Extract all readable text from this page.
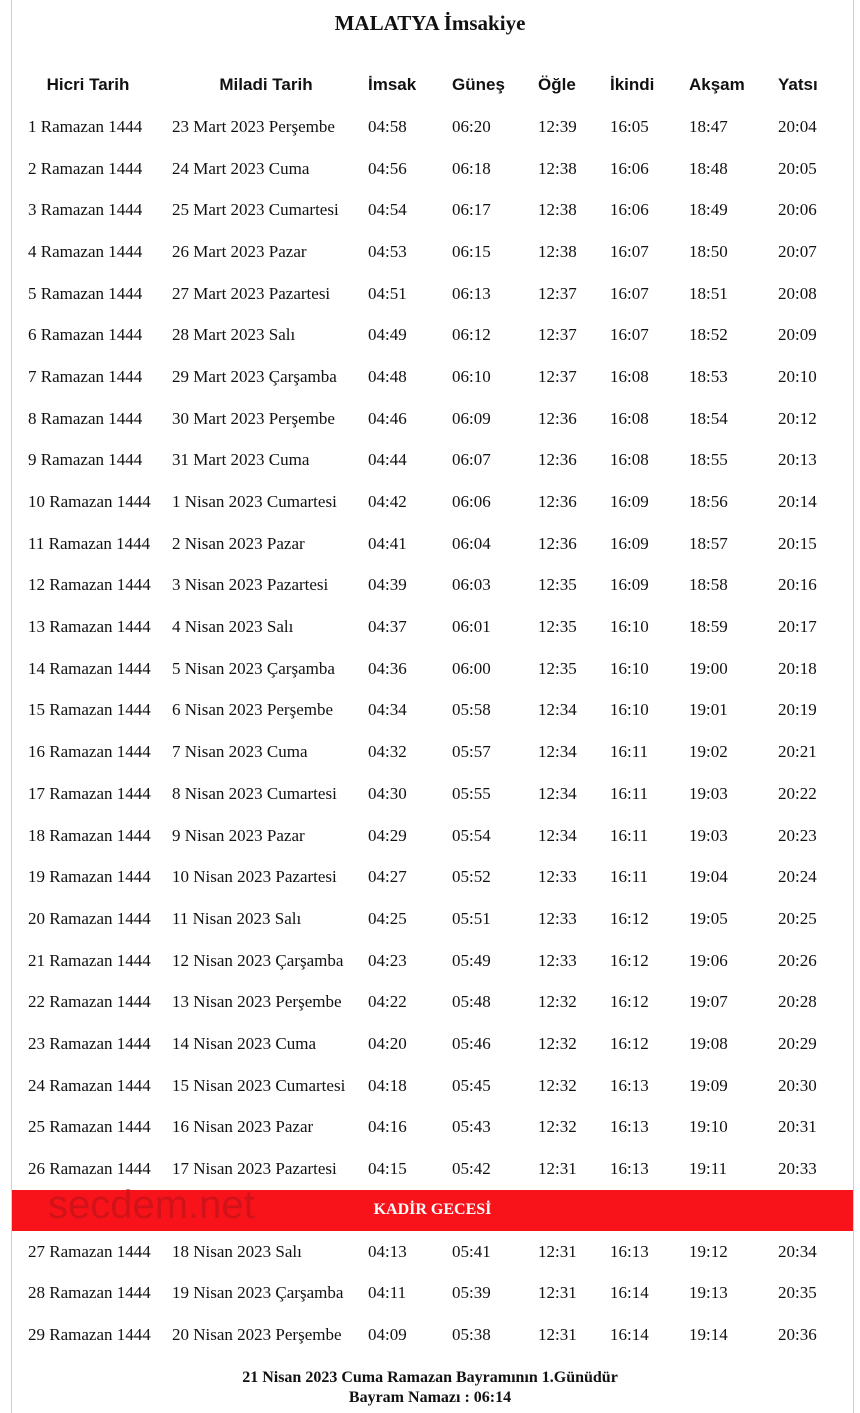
MALATYA İmsakiye
Hicri Tarih	Miladi Tarih	İmsak	Güneş	Öğle	İkindi	Akşam	Yatsı
1 Ramazan 1444	23 Mart 2023 Perşembe	04:58	06:20	12:39	16:05	18:47	20:04
2 Ramazan 1444	24 Mart 2023 Cuma	04:56	06:18	12:38	16:06	18:48	20:05
3 Ramazan 1444	25 Mart 2023 Cumartesi	04:54	06:17	12:38	16:06	18:49	20:06
4 Ramazan 1444	26 Mart 2023 Pazar	04:53	06:15	12:38	16:07	18:50	20:07
5 Ramazan 1444	27 Mart 2023 Pazartesi	04:51	06:13	12:37	16:07	18:51	20:08
6 Ramazan 1444	28 Mart 2023 Salı	04:49	06:12	12:37	16:07	18:52	20:09
7 Ramazan 1444	29 Mart 2023 Çarşamba	04:48	06:10	12:37	16:08	18:53	20:10
8 Ramazan 1444	30 Mart 2023 Perşembe	04:46	06:09	12:36	16:08	18:54	20:12
9 Ramazan 1444	31 Mart 2023 Cuma	04:44	06:07	12:36	16:08	18:55	20:13
10 Ramazan 1444	1 Nisan 2023 Cumartesi	04:42	06:06	12:36	16:09	18:56	20:14
11 Ramazan 1444	2 Nisan 2023 Pazar	04:41	06:04	12:36	16:09	18:57	20:15
12 Ramazan 1444	3 Nisan 2023 Pazartesi	04:39	06:03	12:35	16:09	18:58	20:16
13 Ramazan 1444	4 Nisan 2023 Salı	04:37	06:01	12:35	16:10	18:59	20:17
14 Ramazan 1444	5 Nisan 2023 Çarşamba	04:36	06:00	12:35	16:10	19:00	20:18
15 Ramazan 1444	6 Nisan 2023 Perşembe	04:34	05:58	12:34	16:10	19:01	20:19
16 Ramazan 1444	7 Nisan 2023 Cuma	04:32	05:57	12:34	16:11	19:02	20:21
17 Ramazan 1444	8 Nisan 2023 Cumartesi	04:30	05:55	12:34	16:11	19:03	20:22
18 Ramazan 1444	9 Nisan 2023 Pazar	04:29	05:54	12:34	16:11	19:03	20:23
19 Ramazan 1444	10 Nisan 2023 Pazartesi	04:27	05:52	12:33	16:11	19:04	20:24
20 Ramazan 1444	11 Nisan 2023 Salı	04:25	05:51	12:33	16:12	19:05	20:25
21 Ramazan 1444	12 Nisan 2023 Çarşamba	04:23	05:49	12:33	16:12	19:06	20:26
22 Ramazan 1444	13 Nisan 2023 Perşembe	04:22	05:48	12:32	16:12	19:07	20:28
23 Ramazan 1444	14 Nisan 2023 Cuma	04:20	05:46	12:32	16:12	19:08	20:29
24 Ramazan 1444	15 Nisan 2023 Cumartesi	04:18	05:45	12:32	16:13	19:09	20:30
25 Ramazan 1444	16 Nisan 2023 Pazar	04:16	05:43	12:32	16:13	19:10	20:31
26 Ramazan 1444	17 Nisan 2023 Pazartesi	04:15	05:42	12:31	16:13	19:11	20:33
KADİR GECESİ							
27 Ramazan 1444	18 Nisan 2023 Salı	04:13	05:41	12:31	16:13	19:12	20:34
28 Ramazan 1444	19 Nisan 2023 Çarşamba	04:11	05:39	12:31	16:14	19:13	20:35
29 Ramazan 1444	20 Nisan 2023 Perşembe	04:09	05:38	12:31	16:14	19:14	20:36
secdem.net
21 Nisan 2023 Cuma Ramazan Bayramının 1.Günüdür
Bayram Namazı : 06:14
